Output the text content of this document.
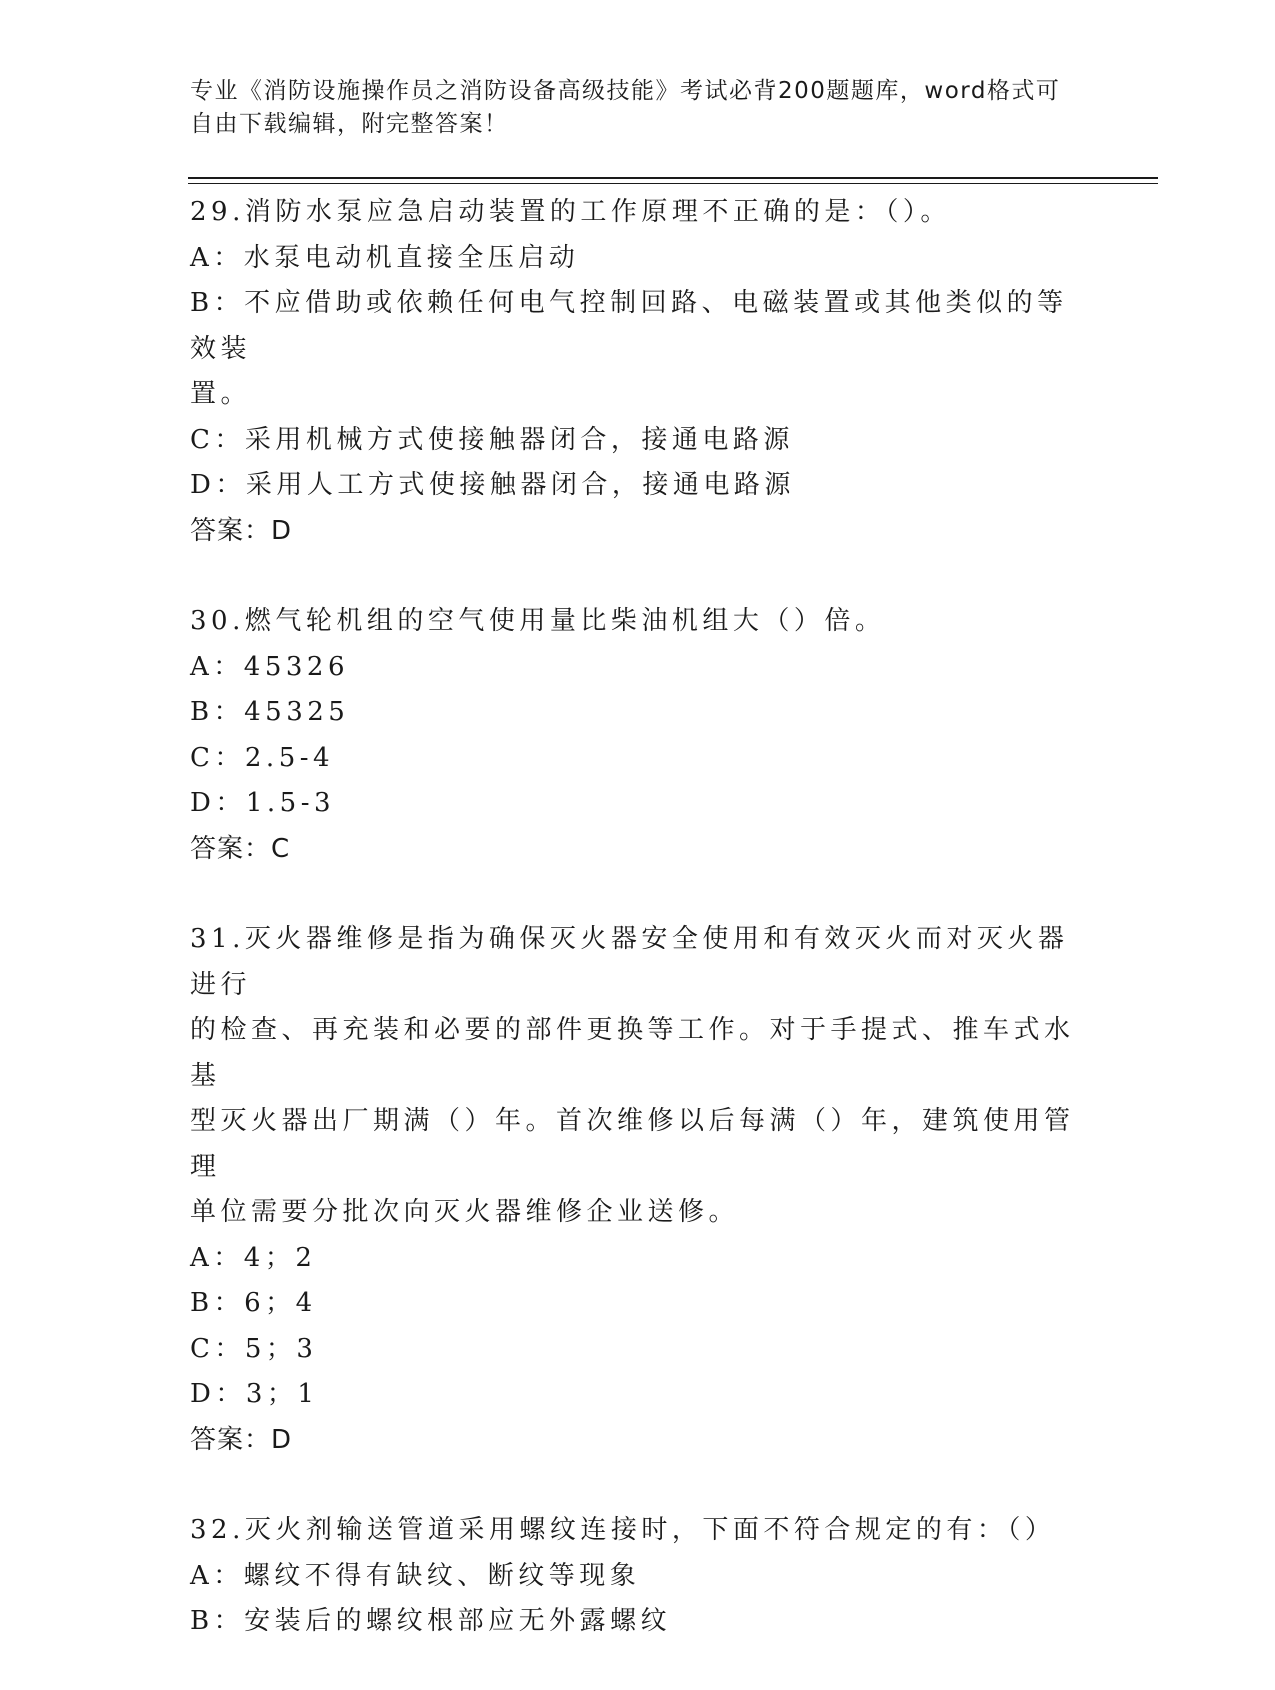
专业《消防设施操作员之消防设备高级技能》考试必背200题题库，word格式可
自由下载编辑，附完整答案！
29.消防水泵应急启动装置的工作原理不正确的是：（）。
A：水泵电动机直接全压启动
B：不应借助或依赖任何电气控制回路、电磁装置或其他类似的等效装
置。
C：采用机械方式使接触器闭合，接通电路源
D：采用人工方式使接触器闭合，接通电路源
答案：D
30.燃气轮机组的空气使用量比柴油机组大（）倍。
A：45326
B：45325
C：2.5-4
D：1.5-3
答案：C
31.灭火器维修是指为确保灭火器安全使用和有效灭火而对灭火器进行
的检查、再充装和必要的部件更换等工作。对于手提式、推车式水基
型灭火器出厂期满（）年。首次维修以后每满（）年，建筑使用管理
单位需要分批次向灭火器维修企业送修。
A：4；2
B：6；4
C：5；3
D：3；1
答案：D
32.灭火剂输送管道采用螺纹连接时，下面不符合规定的有：（）
A：螺纹不得有缺纹、断纹等现象
B：安装后的螺纹根部应无外露螺纹
